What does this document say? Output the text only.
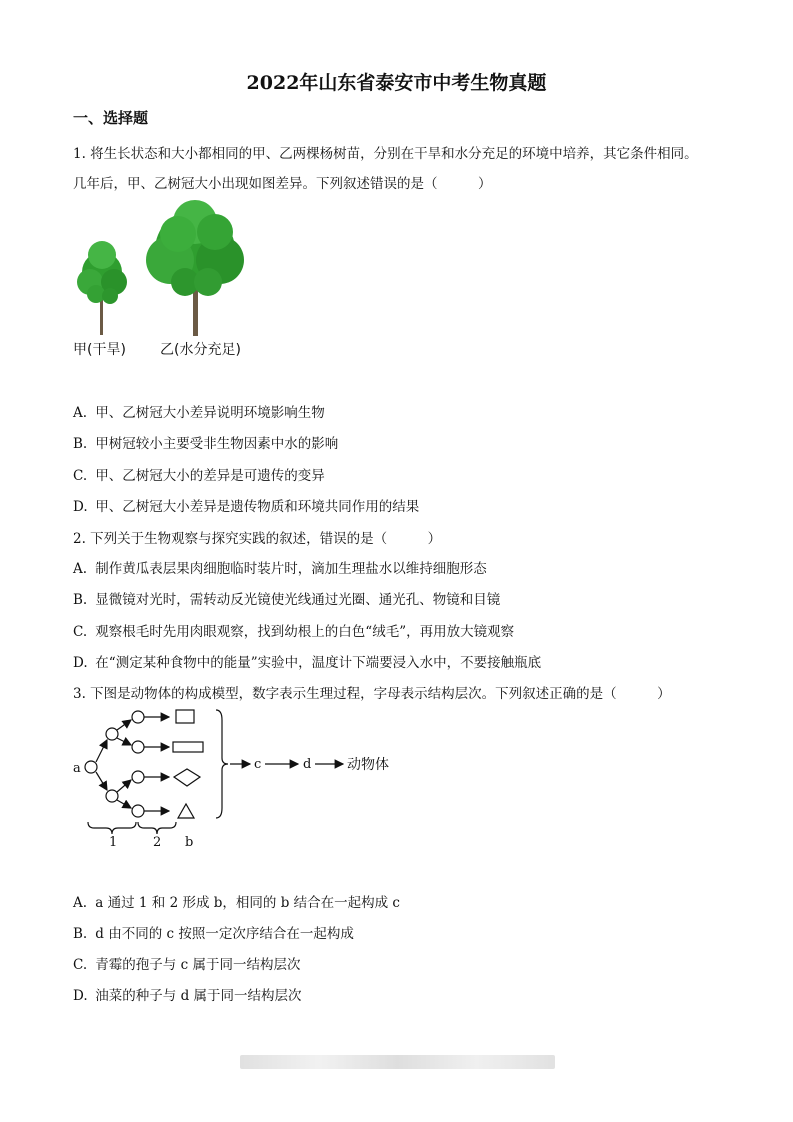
2022年山东省泰安市中考生物真题
一、选择题
1. 将生长状态和大小都相同的甲、乙两棵杨树苗，分别在干旱和水分充足的环境中培养，其它条件相同。
几年后，甲、乙树冠大小出现如图差异。下列叙述错误的是（　　　）
甲(干旱) 乙(水分充足)
A. 甲、乙树冠大小差异说明环境影响生物
B. 甲树冠较小主要受非生物因素中水的影响
C. 甲、乙树冠大小的差异是可遗传的变异
D. 甲、乙树冠大小差异是遗传物质和环境共同作用的结果
2. 下列关于生物观察与探究实践的叙述，错误的是（　　　）
A. 制作黄瓜表层果肉细胞临时装片时，滴加生理盐水以维持细胞形态
B. 显微镜对光时，需转动反光镜使光线通过光圈、通光孔、物镜和目镜
C. 观察根毛时先用肉眼观察，找到幼根上的白色“绒毛”，再用放大镜观察
D. 在“测定某种食物中的能量”实验中，温度计下端要浸入水中，不要接触瓶底
3. 下图是动物体的构成模型，数字表示生理过程，字母表示结构层次。下列叙述正确的是（　　　）
a	c	d	动物体
1	2 b
A. a 通过 1 和 2 形成 b，相同的 b 结合在一起构成 c
B. d 由不同的 c 按照一定次序结合在一起构成
C. 青霉的孢子与 c 属于同一结构层次
D. 油菜的种子与 d 属于同一结构层次
